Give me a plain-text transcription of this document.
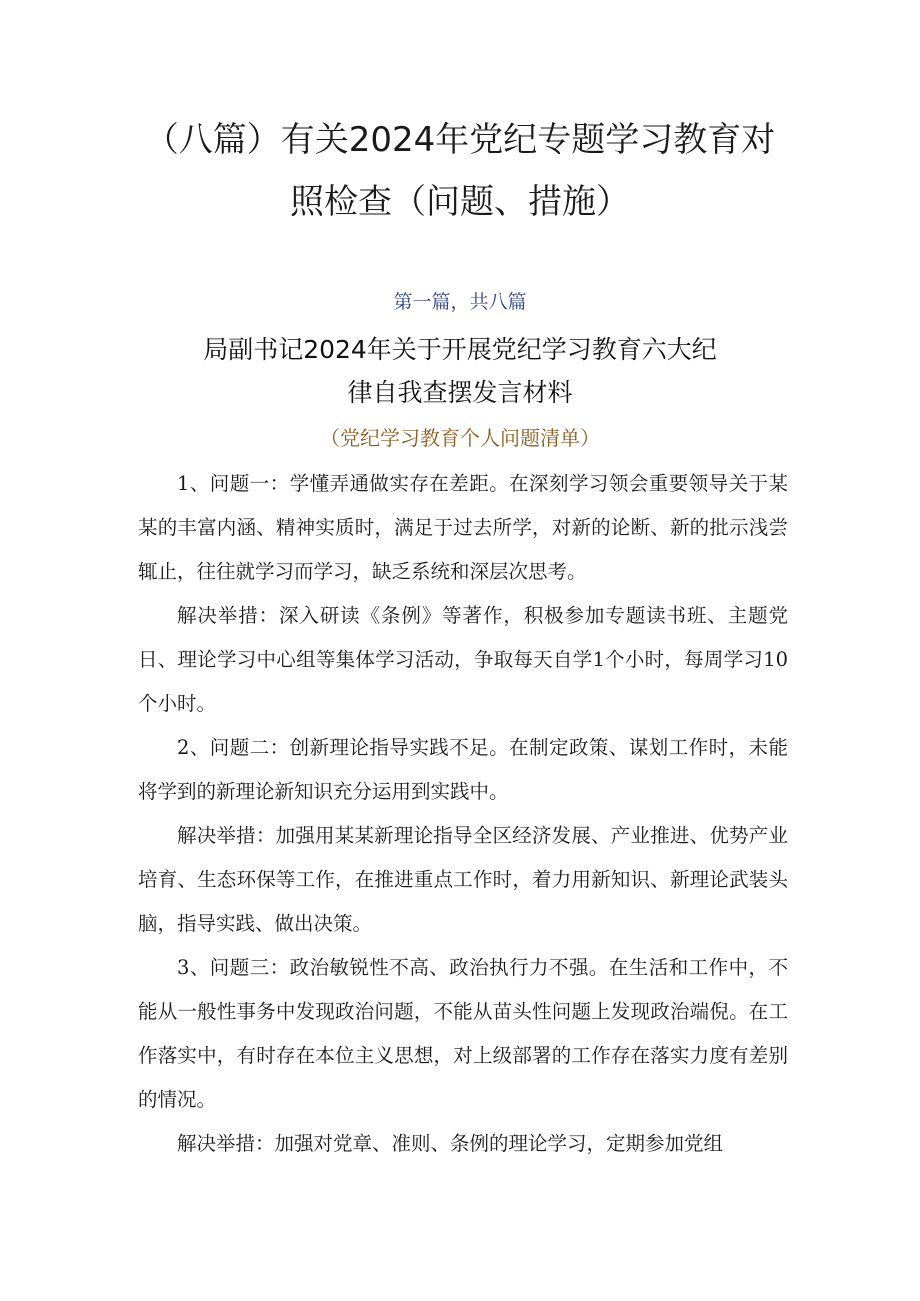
（八篇）有关2024年党纪专题学习教育对
照检查（问题、措施）
第一篇，共八篇
局副书记2024年关于开展党纪学习教育六大纪
律自我查摆发言材料
（党纪学习教育个人问题清单）

1、问题一：学懂弄通做实存在差距。在深刻学习领会重要领导关于某某的丰富内涵、精神实质时，满足于过去所学，对新的论断、新的批示浅尝辄止，往往就学习而学习，缺乏系统和深层次思考。

解决举措：深入研读《条例》等著作，积极参加专题读书班、主题党日、理论学习中心组等集体学习活动，争取每天自学1个小时，每周学习10个小时。

2、问题二：创新理论指导实践不足。在制定政策、谋划工作时，未能将学到的新理论新知识充分运用到实践中。

解决举措：加强用某某新理论指导全区经济发展、产业推进、优势产业培育、生态环保等工作，在推进重点工作时，着力用新知识、新理论武装头脑，指导实践、做出决策。

3、问题三：政治敏锐性不高、政治执行力不强。在生活和工作中，不能从一般性事务中发现政治问题，不能从苗头性问题上发现政治端倪。在工作落实中，有时存在本位主义思想，对上级部署的工作存在落实力度有差别的情况。

解决举措：加强对党章、准则、条例的理论学习，定期参加党组
